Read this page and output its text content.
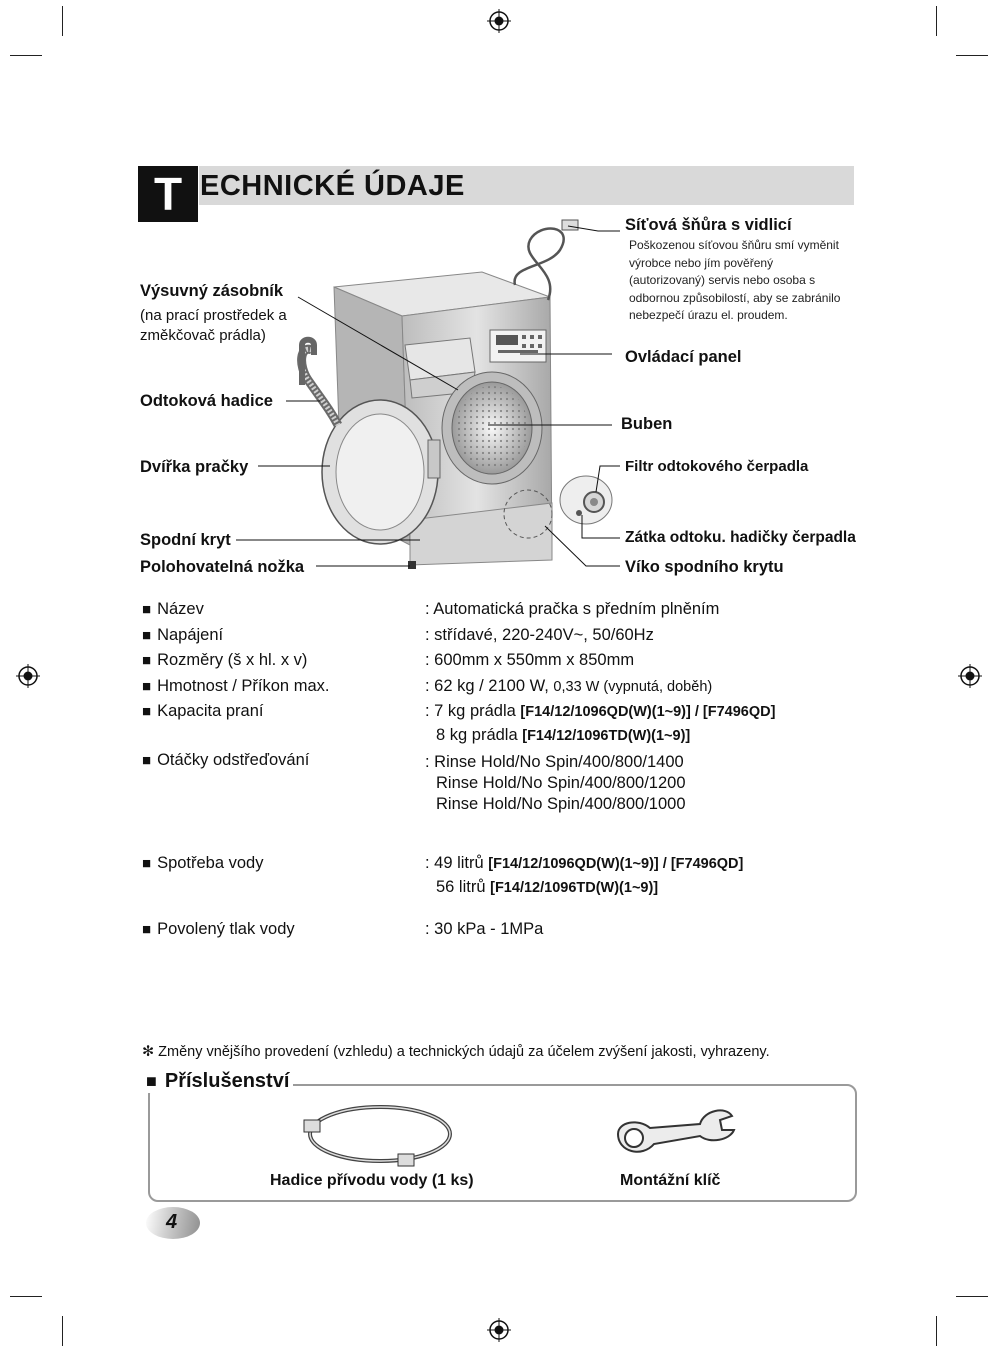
T ECHNICKÉ ÚDAJE
Síťová šňůra s vidlicí
Poškozenou síťovou šňůru smí vyměnit
výrobce nebo jím pověřený
(autorizovaný) servis nebo osoba s
odbornou způsobilostí, aby se zabránilo
nebezpečí úrazu el. proudem.
Výsuvný zásobník
(na prací prostředek a
změkčovač prádla)
Ovládací panel
Odtoková hadice
Buben
Dvířka pračky	Filtr odtokového čerpadla
Spodní kryt	Zátka odtoku. hadičky čerpadla
Polohovatelná nožka	Víko spodního krytu
■ Název	: Automatická pračka s předním plněním
■ Napájení	: střídavé, 220-240V~, 50/60Hz
■ Rozměry (š x hl. x v)	: 600mm x 550mm x 850mm
■ Hmotnost / Příkon max.	: 62 kg / 2100 W, 0,33 W (vypnutá, doběh)
■ Kapacita praní	: 7 kg prádla [F14/12/1096QD(W)(1~9)] / [F7496QD]
8 kg prádla [F14/12/1096TD(W)(1~9)]
■ Otáčky odstřeďování	: Rinse Hold/No Spin/400/800/1400
Rinse Hold/No Spin/400/800/1200
Rinse Hold/No Spin/400/800/1000
■ Spotřeba vody	: 49 litrů [F14/12/1096QD(W)(1~9)] / [F7496QD]
56 litrů [F14/12/1096TD(W)(1~9)]
■ Povolený tlak vody	: 30 kPa - 1MPa
✻ Změny vnějšího provedení (vzhledu) a technických údajů za účelem zvýšení jakosti, vyhrazeny.
■ Příslušenství
Hadice přívodu vody (1 ks)	Montážní klíč
4
